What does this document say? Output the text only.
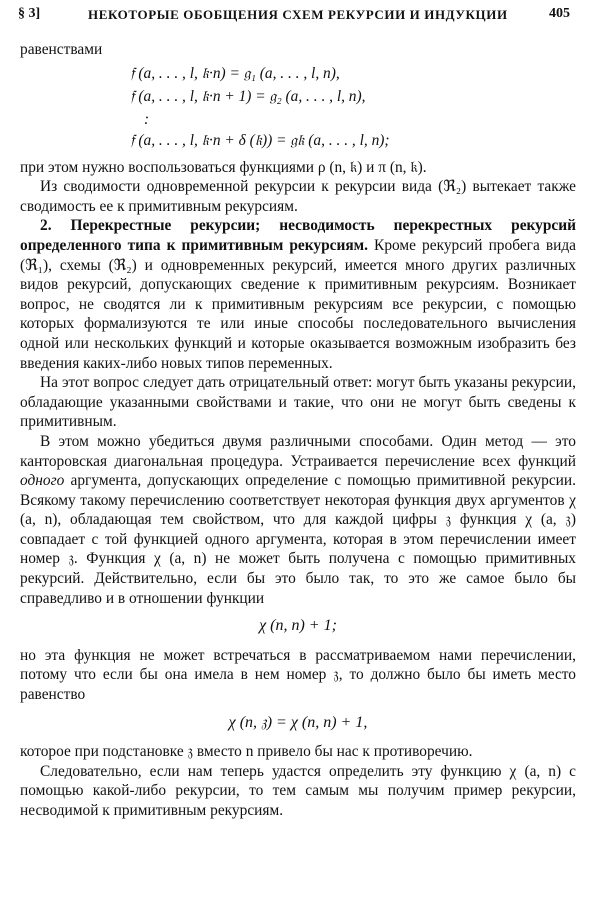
§ 3]	НЕКОТОРЫЕ ОБОБЩЕНИЯ СХЕМ РЕКУРСИИ И ИНДУКЦИИ	405

равенствами

𝔣 (a, . . . , l, 𝔨·n) = 𝔤₁ (a, . . . , l, n),
𝔣 (a, . . . , l, 𝔨·n + 1) = 𝔤₂ (a, . . . , l, n),
:
𝔣 (a, . . . , l, 𝔨·n + δ (𝔨)) = 𝔤𝔨 (a, . . . , l, n);

при этом нужно воспользоваться функциями ρ (n, 𝔨) и π (n, 𝔨).

Из сводимости одновременной рекурсии к рекурсии вида (ℜ₂) вытекает также сводимость ее к примитивным рекурсиям.

2. Перекрестные рекурсии; несводимость перекрестных рекурсий определенного типа к примитивным рекурсиям. Кроме рекурсий пробега вида (ℜ₁), схемы (ℜ₂) и одновременных рекурсий, имеется много других различных видов рекурсий, допускающих сведение к примитивным рекурсиям. Возникает вопрос, не сводятся ли к примитивным рекурсиям все рекурсии, с помощью которых формализуются те или иные способы последовательного вычисления одной или нескольких функций и которые оказывается возможным изобразить без введения каких-либо новых типов переменных.

На этот вопрос следует дать отрицательный ответ: могут быть указаны рекурсии, обладающие указанными свойствами и такие, что они не могут быть сведены к примитивным.

В этом можно убедиться двумя различными способами. Один метод — это канторовская диагональная процедура. Устраивается перечисление всех функций одного аргумента, допускающих определение с помощью примитивной рекурсии. Всякому такому перечислению соответствует некоторая функция двух аргументов χ (a, n), обладающая тем свойством, что для каждой цифры 𝔷 функция χ (a, 𝔷) совпадает с той функцией одного аргумента, которая в этом перечислении имеет номер 𝔷. Функция χ (a, n) не может быть получена с помощью примитивных рекурсий. Действительно, если бы это было так, то это же самое было бы справедливо и в отношении функции

χ (n, n) + 1;

но эта функция не может встречаться в рассматриваемом нами перечислении, потому что если бы она имела в нем номер 𝔷, то должно было бы иметь место равенство

χ (n, 𝔷) = χ (n, n) + 1,

которое при подстановке 𝔷 вместо n привело бы нас к противоречию.

Следовательно, если нам теперь удастся определить эту функцию χ (a, n) с помощью какой-либо рекурсии, то тем самым мы получим пример рекурсии, несводимой к примитивным рекурсиям.
